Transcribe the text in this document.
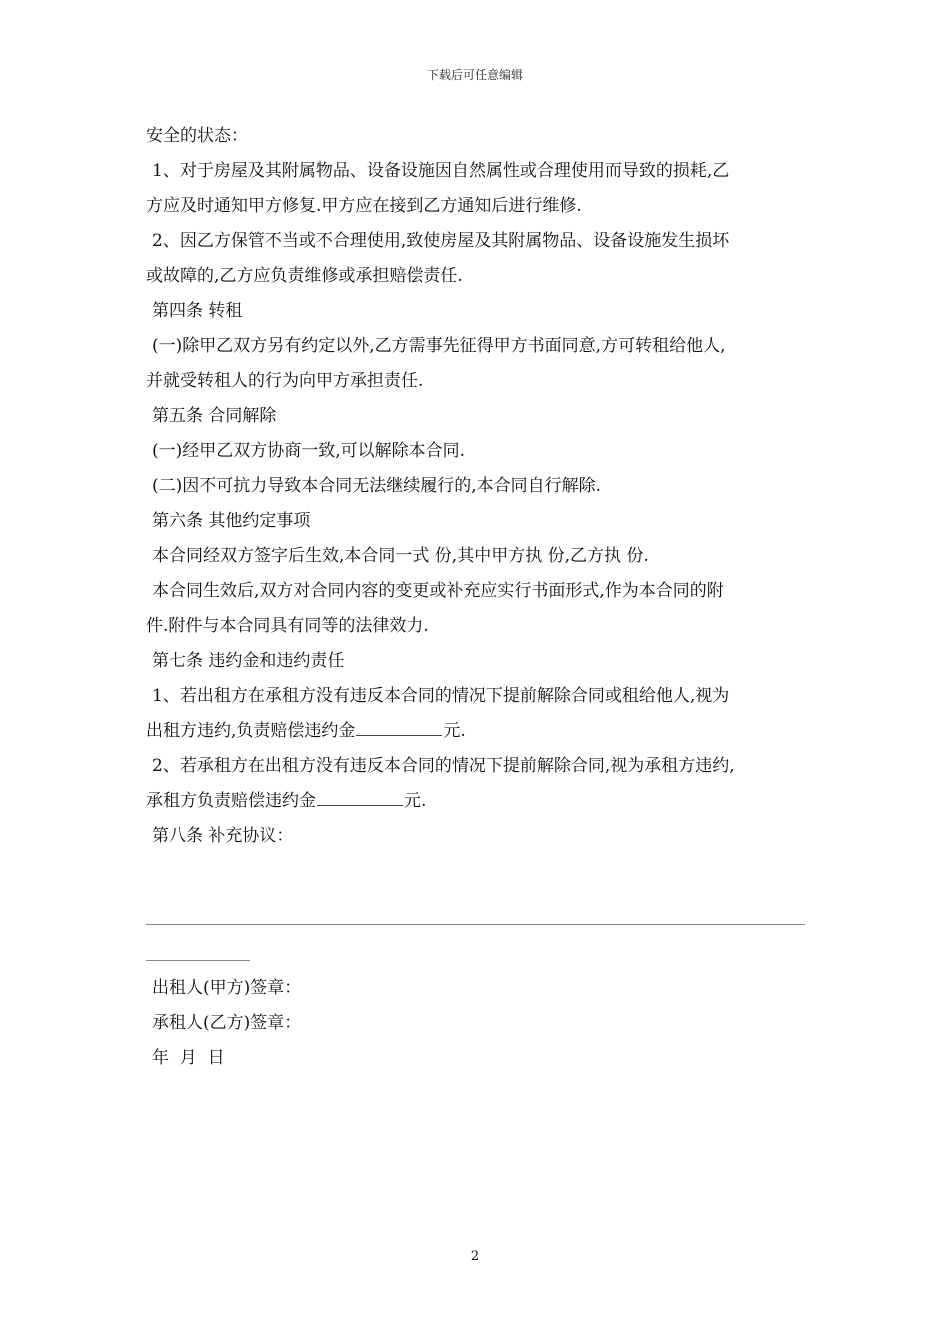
下载后可任意编辑
安全的状态：
1、对于房屋及其附属物品、设备设施因自然属性或合理使用而导致的损耗,乙
方应及时通知甲方修复.甲方应在接到乙方通知后进行维修.
2、因乙方保管不当或不合理使用,致使房屋及其附属物品、设备设施发生损坏
或故障的,乙方应负责维修或承担赔偿责任.
第四条 转租
(一)除甲乙双方另有约定以外,乙方需事先征得甲方书面同意,方可转租给他人,
并就受转租人的行为向甲方承担责任.
第五条 合同解除
(一)经甲乙双方协商一致,可以解除本合同.
(二)因不可抗力导致本合同无法继续履行的,本合同自行解除.
第六条 其他约定事项
本合同经双方签字后生效,本合同一式 份,其中甲方执 份,乙方执 份.
本合同生效后,双方对合同内容的变更或补充应实行书面形式,作为本合同的附
件.附件与本合同具有同等的法律效力.
第七条 违约金和违约责任
1、若出租方在承租方没有违反本合同的情况下提前解除合同或租给他人,视为
出租方违约,负责赔偿违约金	元.
2、若承租方在出租方没有违反本合同的情况下提前解除合同,视为承租方违约,
承租方负责赔偿违约金	元.
第八条 补充协议：
出租人(甲方)签章：
承租人(乙方)签章：
年  月  日
2
